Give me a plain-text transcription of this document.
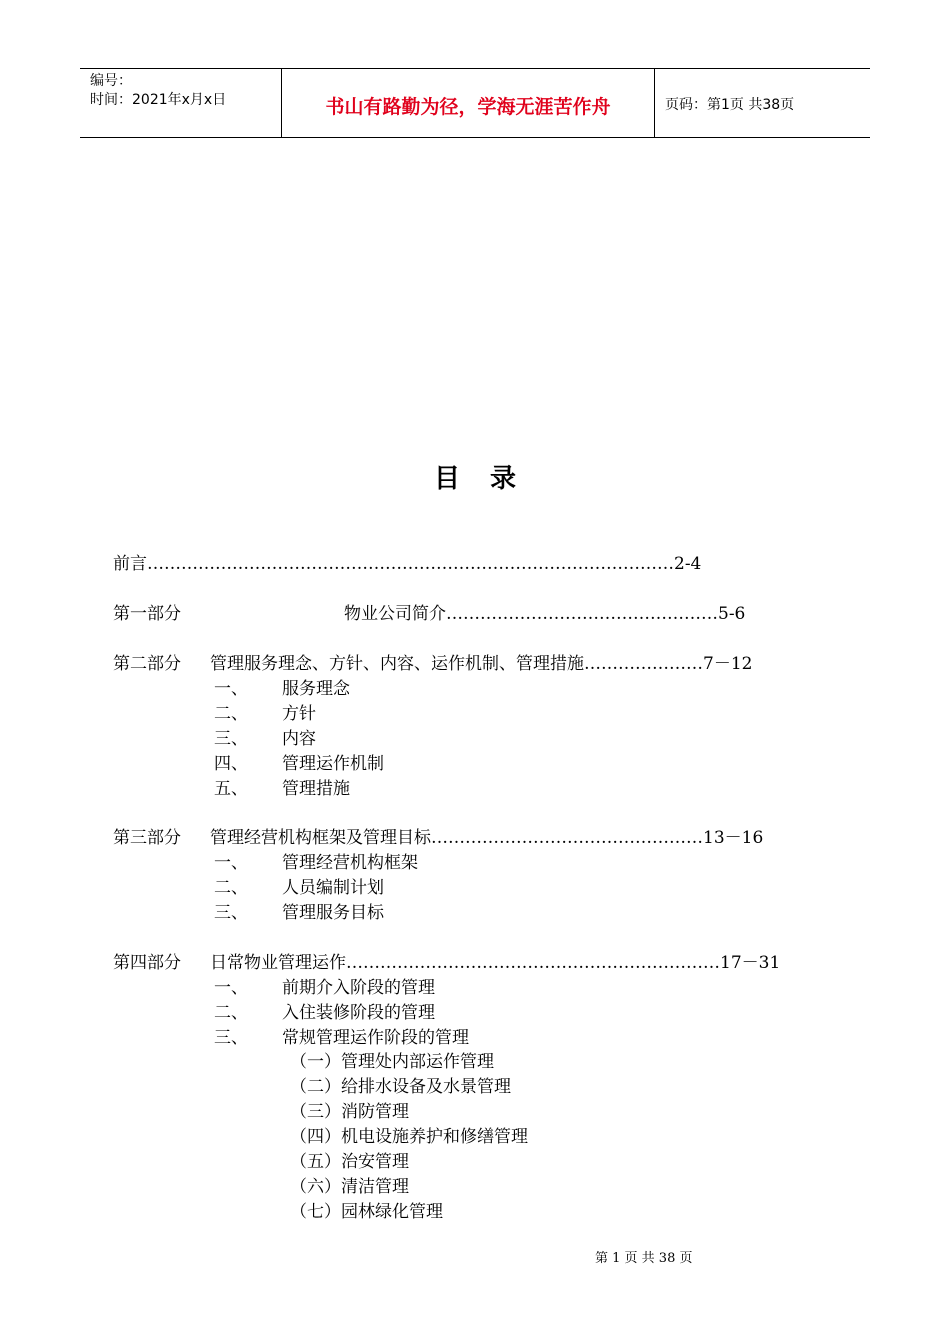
编号：
时间：2021年x月x日	书山有路勤为径，学海无涯苦作舟	页码：第1页 共38页
目录
前言…………………………………………………………………………………2-4
第一部分	物业公司简介…………………………………………5-6
第二部分 管理服务理念、方针、内容、运作机制、管理措施…………………7－12
一、 服务理念
二、 方针
三、 内容
四、 管理运作机制
五、 管理措施
第三部分 管理经营机构框架及管理目标…………………………………………13－16
一、 管理经营机构框架
二、 人员编制计划
三、 管理服务目标
第四部分 日常物业管理运作…………………………………………………………17－31
一、 前期介入阶段的管理
二、 入住装修阶段的管理
三、 常规管理运作阶段的管理
（一）管理处内部运作管理
（二）给排水设备及水景管理
（三）消防管理
（四）机电设施养护和修缮管理
（五）治安管理
（六）清洁管理
（七）园林绿化管理
第 1 页 共 38 页
